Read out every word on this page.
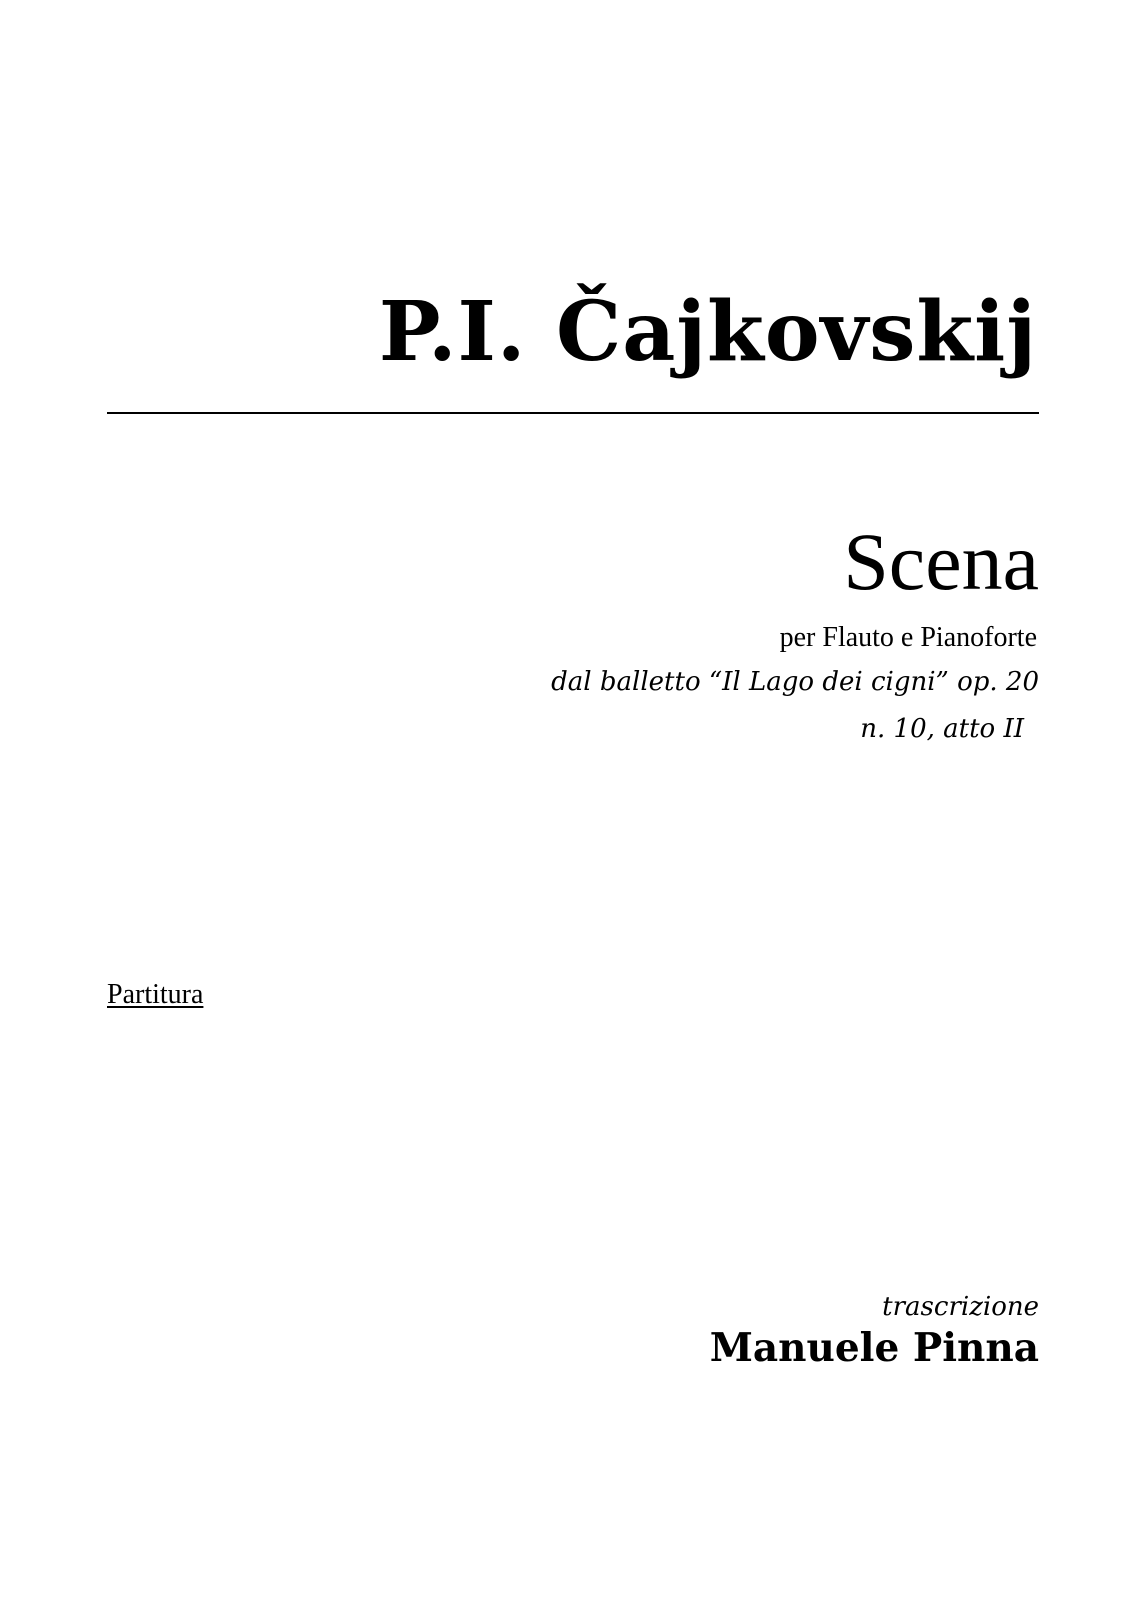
P.I. Čajkovskij
Scena
per Flauto e Pianoforte
dal balletto “Il Lago dei cigni” op. 20
n. 10, atto II
Partitura
trascrizione
Manuele Pinna
